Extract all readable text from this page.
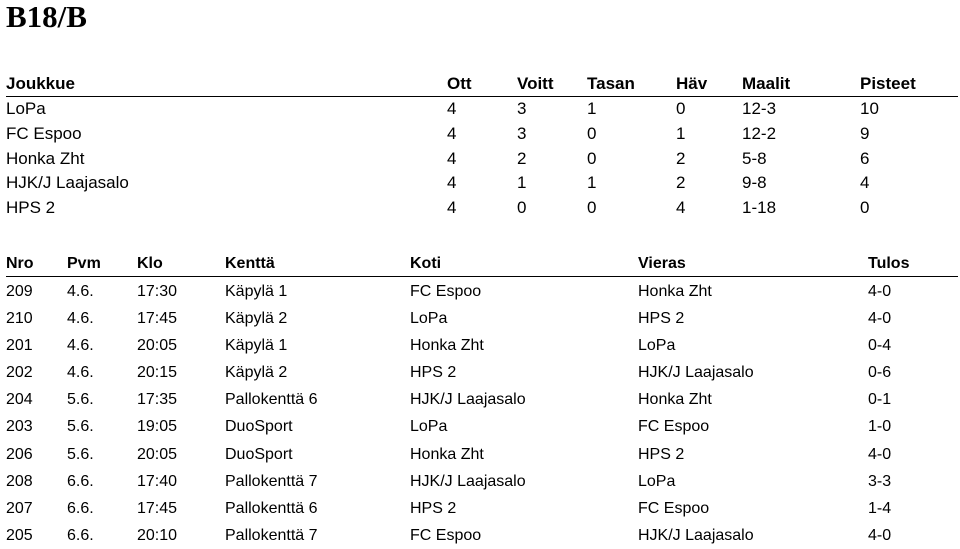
B18/B
Joukkue	Ott	Voitt Tasan Häv Maalit	Pisteet
LoPa	4	3	1	0	12-3	10
FC Espoo	4	3	0	1	12-2	9
Honka Zht	4	2	0	2	5-8	6
HJK/J Laajasalo	4	1	1	2	9-8	4
HPS 2	4	0	0	4	1-18	0
Nro Pvm Klo	Kenttä	Koti	Vieras	Tulos
209 4.6.	17:30	Käpylä 1	FC Espoo	Honka Zht	4-0
210 4.6.	17:45	Käpylä 2	LoPa	HPS 2	4-0
201 4.6.	20:05	Käpylä 1	Honka Zht	LoPa	0-4
202 4.6.	20:15	Käpylä 2	HPS 2	HJK/J Laajasalo	0-6
204 5.6.	17:35	Pallokenttä 6	HJK/J Laajasalo	Honka Zht	0-1
203 5.6.	19:05	DuoSport	LoPa	FC Espoo	1-0
206 5.6.	20:05	DuoSport	Honka Zht	HPS 2	4-0
208 6.6.	17:40	Pallokenttä 7	HJK/J Laajasalo	LoPa	3-3
207 6.6.	17:45	Pallokenttä 6	HPS 2	FC Espoo	1-4
205 6.6.	20:10	Pallokenttä 7	FC Espoo	HJK/J Laajasalo	4-0
